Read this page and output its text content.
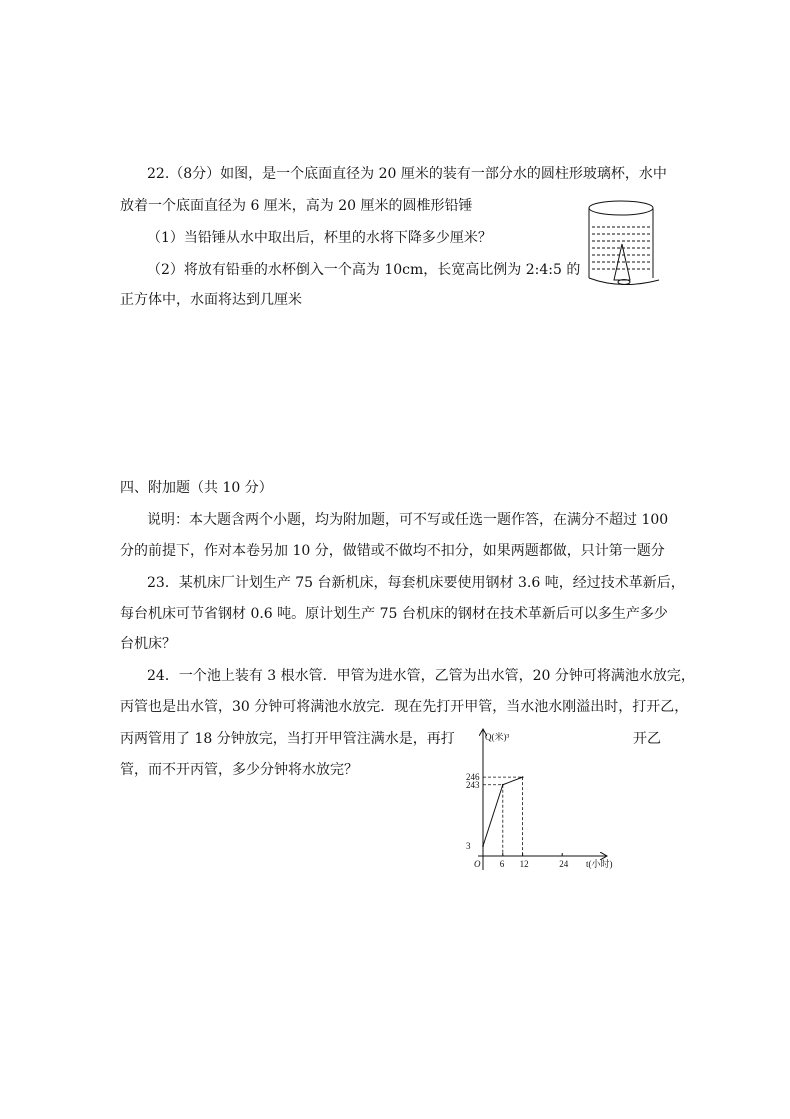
22.（8分）如图，是一个底面直径为 20 厘米的装有一部分水的圆柱形玻璃杯，水中
放着一个底面直径为 6 厘米，高为 20 厘米的圆椎形铅锤
（1）当铅锤从水中取出后，杯里的水将下降多少厘米？
（2）将放有铅垂的水杯倒入一个高为 10cm，长宽高比例为 2:4:5 的
正方体中，水面将达到几厘米
四、附加题（共 10 分）
说明：本大题含两个小题，均为附加题，可不写或任选一题作答，在满分不超过 100
分的前提下，作对本卷另加 10 分，做错或不做均不扣分，如果两题都做，只计第一题分
23．某机床厂计划生产 75 台新机床，每套机床要使用钢材 3.6 吨，经过技术革新后，
每台机床可节省钢材 0.6 吨。原计划生产 75 台机床的钢材在技术革新后可以多生产多少
台机床？
24．一个池上装有 3 根水管．甲管为进水管，乙管为出水管，20 分钟可将满池水放完，
丙管也是出水管，30 分钟可将满池水放完．现在先打开甲管，当水池水刚溢出时，打开乙，
丙两管用了 18 分钟放完，当打开甲管注满水是，再打	开乙
管，而不开丙管，多少分钟将水放完？
Q(米)³
t(小时)
O 6 12	24
3
243
246
